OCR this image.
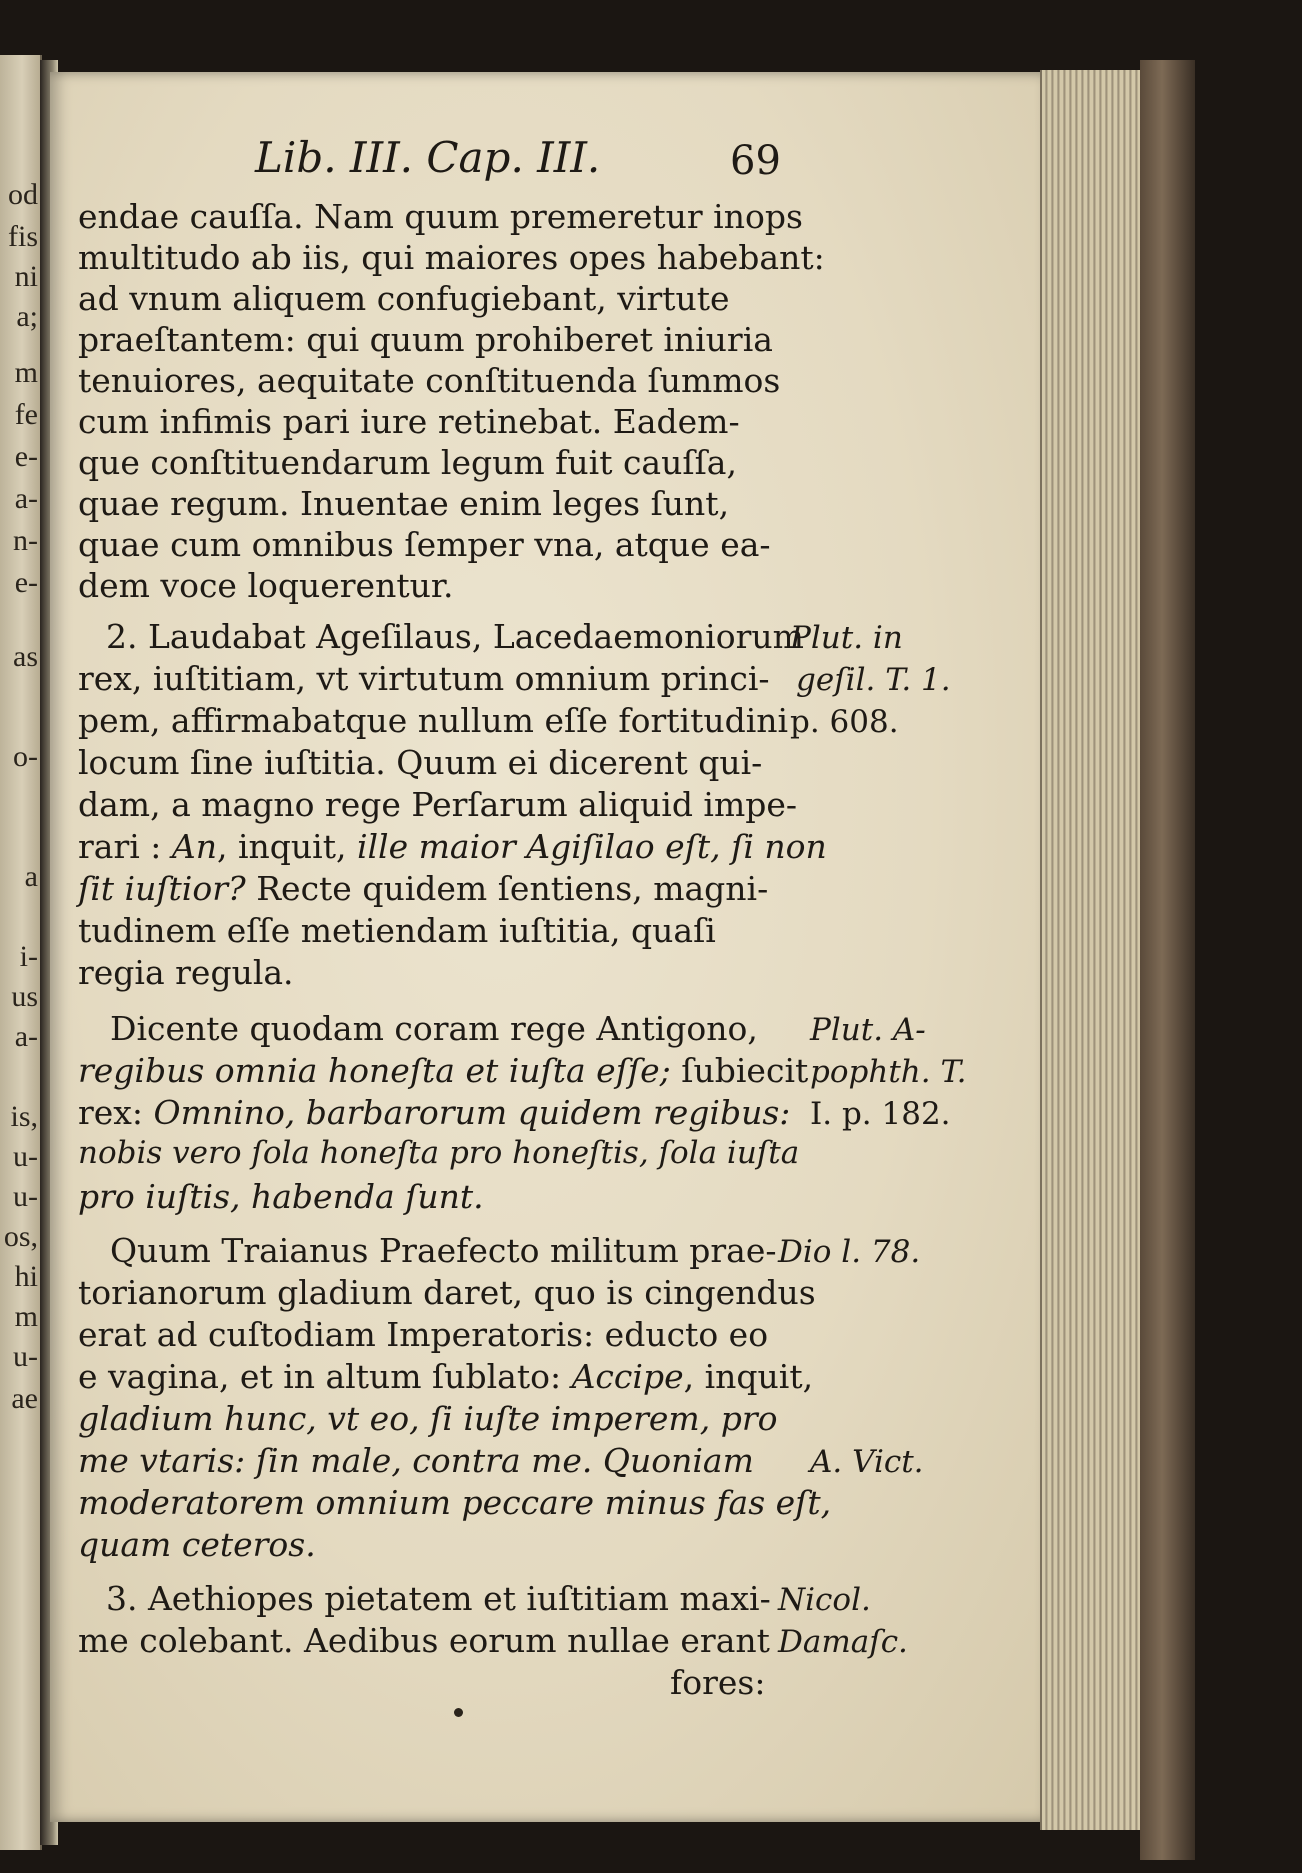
od
fis
ni
a;
m
fe
e-
a-
n-
e-
as
o-
a
i-
us
a-
is,
u-
u-
os,
hi
m
u-
ae
Lib. III. Cap. III.	69
endae cauſſa. Nam quum premeretur inops
multitudo ab iis, qui maiores opes habebant:
ad vnum aliquem confugiebant, virtute
praeſtantem: qui quum prohiberet iniuria
tenuiores, aequitate conſtituenda ſummos
cum infimis pari iure retinebat. Eadem-
que conſtituendarum legum fuit cauſſa,
quae regum. Inuentae enim leges ſunt,
quae cum omnibus ſemper vna, atque ea-
dem voce loquerentur.
2. Laudabat Ageſilaus, Lacedaemoniorum
rex, iuſtitiam, vt virtutum omnium princi-
pem, affirmabatque nullum eſſe fortitudini
locum ſine iuſtitia. Quum ei dicerent qui-
dam, a magno rege Perſarum aliquid impe-
rari : An, inquit, ille maior Agiſilao eſt, ſi non
ſit iuſtior? Recte quidem ſentiens, magni-
tudinem eſſe metiendam iuſtitia, quaſi
regia regula.
Dicente quodam coram rege Antigono,
regibus omnia honeſta et iuſta eſſe; ſubiecit
rex: Omnino, barbarorum quidem regibus:
nobis vero ſola honeſta pro honeſtis, ſola iuſta
pro iuſtis, habenda ſunt.
Quum Traianus Praefecto militum prae-
torianorum gladium daret, quo is cingendus
erat ad cuſtodiam Imperatoris: educto eo
e vagina, et in altum ſublato: Accipe, inquit,
gladium hunc, vt eo, ſi iuſte imperem, pro
me vtaris: ſin male, contra me. Quoniam
moderatorem omnium peccare minus fas eſt,
quam ceteros.
3. Aethiopes pietatem et iuſtitiam maxi-
me colebant. Aedibus eorum nullae erant
fores:
Plut. in
geſil. T. 1.
p. 608.
Plut. A-
pophth. T.
I. p. 182.
Dio l. 78.
A. Vict.
Nicol.
Damaſc.
